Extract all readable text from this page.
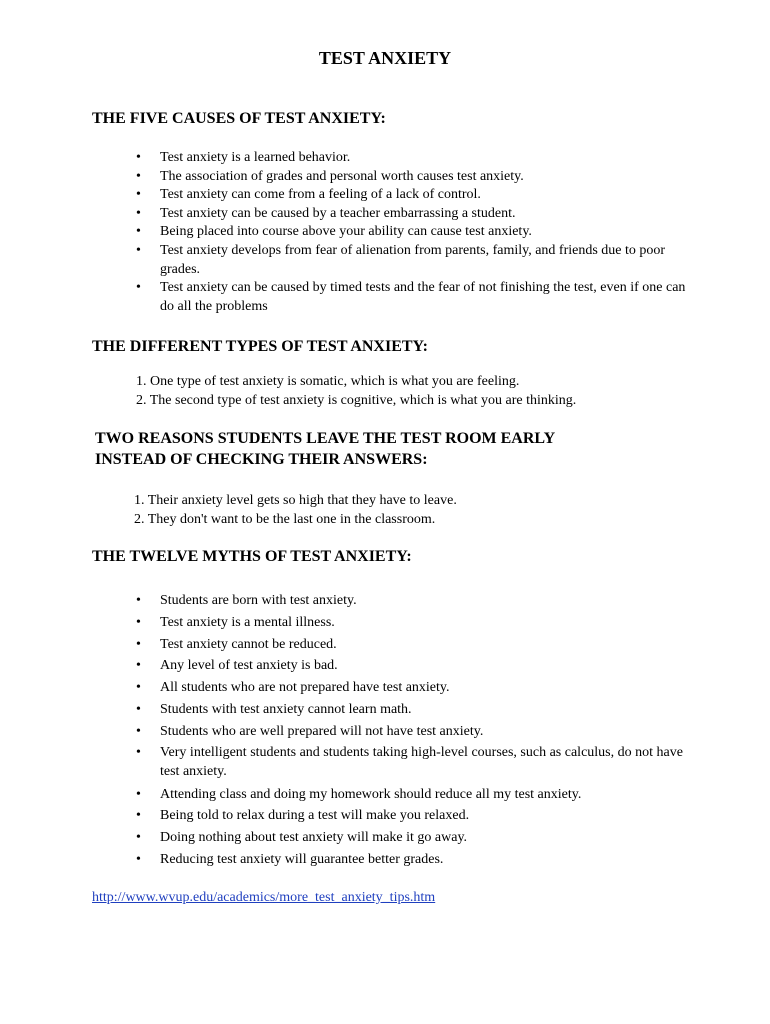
TEST ANXIETY
THE FIVE CAUSES OF TEST ANXIETY:
• Test anxiety is a learned behavior.
• The association of grades and personal worth causes test anxiety.
• Test anxiety can come from a feeling of a lack of control.
• Test anxiety can be caused by a teacher embarrassing a student.
• Being placed into course above your ability can cause test anxiety.
• Test anxiety develops from fear of alienation from parents, family, and friends due to poor grades.
• Test anxiety can be caused by timed tests and the fear of not finishing the test, even if one can do all the problems
THE DIFFERENT TYPES OF TEST ANXIETY:
1. One type of test anxiety is somatic, which is what you are feeling.
2. The second type of test anxiety is cognitive, which is what you are thinking.
TWO REASONS STUDENTS LEAVE THE TEST ROOM EARLY
INSTEAD OF CHECKING THEIR ANSWERS:
1. Their anxiety level gets so high that they have to leave.
2. They don't want to be the last one in the classroom.
THE TWELVE MYTHS OF TEST ANXIETY:
• Students are born with test anxiety.
• Test anxiety is a mental illness.
• Test anxiety cannot be reduced.
• Any level of test anxiety is bad.
• All students who are not prepared have test anxiety.
• Students with test anxiety cannot learn math.
• Students who are well prepared will not have test anxiety.
• Very intelligent students and students taking high-level courses, such as calculus, do not have test anxiety.
• Attending class and doing my homework should reduce all my test anxiety.
• Being told to relax during a test will make you relaxed.
• Doing nothing about test anxiety will make it go away.
• Reducing test anxiety will guarantee better grades.
http://www.wvup.edu/academics/more_test_anxiety_tips.htm
